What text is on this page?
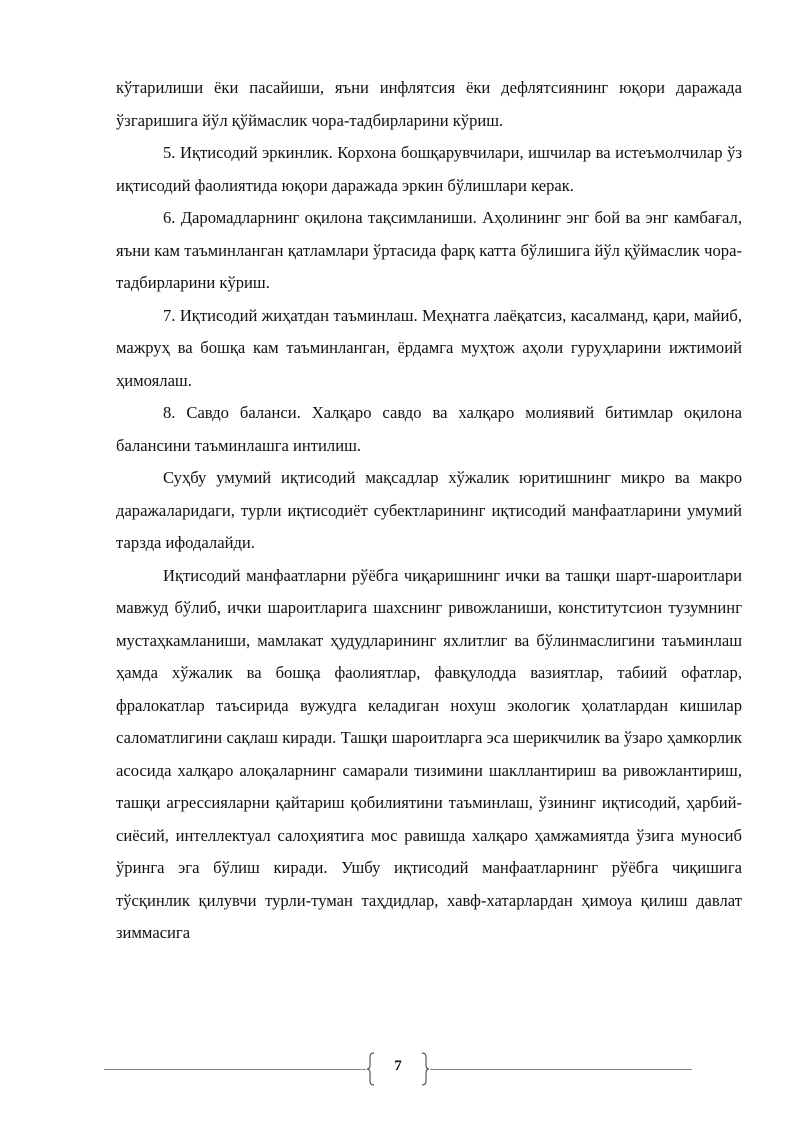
кўтарилиши ёки пасайиши, яъни инфлятсия ёки дефлятсиянинг юқори даражада ўзгаришига йўл қўймаслик чора-тадбирларини кўриш.

5. Иқтисодий эркинлик. Корхона бошқарувчилари, ишчилар ва истеъмолчилар ўз иқтисодий фаолиятида юқори даражада эркин бўлишлари керак.

6. Даромадларнинг оқилона тақсимланиши. Аҳолининг энг бой ва энг камбағал, яъни кам таъминланган қатламлари ўртасида фарқ катта бўлишига йўл қўймаслик чора-тадбирларини кўриш.

7. Иқтисодий жиҳатдан таъминлаш. Меҳнатга лаёқатсиз, касалманд, қари, майиб, мажруҳ ва бошқа кам таъминланган, ёрдамга муҳтож аҳоли гуруҳларини ижтимоий ҳимоялаш.

8. Савдо баланси. Халқаро савдо ва халқаро молиявий битимлар оқилона балансини таъминлашга интилиш.

Суҳбу умумий иқтисодий мақсадлар хўжалик юритишнинг микро ва макро даражаларидаги, турли иқтисодиёт субектларининг иқтисодий манфаатларини умумий тарзда ифодалайди.

Иқтисодий манфаатларни рўёбга чиқаришнинг ички ва ташқи шарт-шароитлари мавжуд бўлиб, ички шароитларига шахснинг ривожланиши, конститутсион тузумнинг мустаҳкамланиши, мамлакат ҳудудларининг яхлитлиг ва бўлинмаслигини таъминлаш ҳамда хўжалик ва бошқа фаолиятлар, фавқулодда вазиятлар, табиий офатлар, фралокатлар таъсирида вужудга келадиган нохуш экологик ҳолатлардан кишилар саломатлигини сақлаш киради. Ташқи шароитларга эса шерикчилик ва ўзаро ҳамкорлик асосида халқаро алоқаларнинг самарали тизимини шакллантириш ва ривожлантириш, ташқи агрессияларни қайтариш қобилиятини таъминлаш, ўзининг иқтисодий, ҳарбий-сиёсий, интеллектуал салоҳиятига мос равишда халқаро ҳамжамиятда ўзига муносиб ўринга эга бўлиш киради. Ушбу иқтисодий манфаатларнинг рўёбга чиқишига тўсқинлик қилувчи турли-туман таҳдидлар, хавф-хатарлардан ҳимоуа қилиш давлат зиммасига

7
